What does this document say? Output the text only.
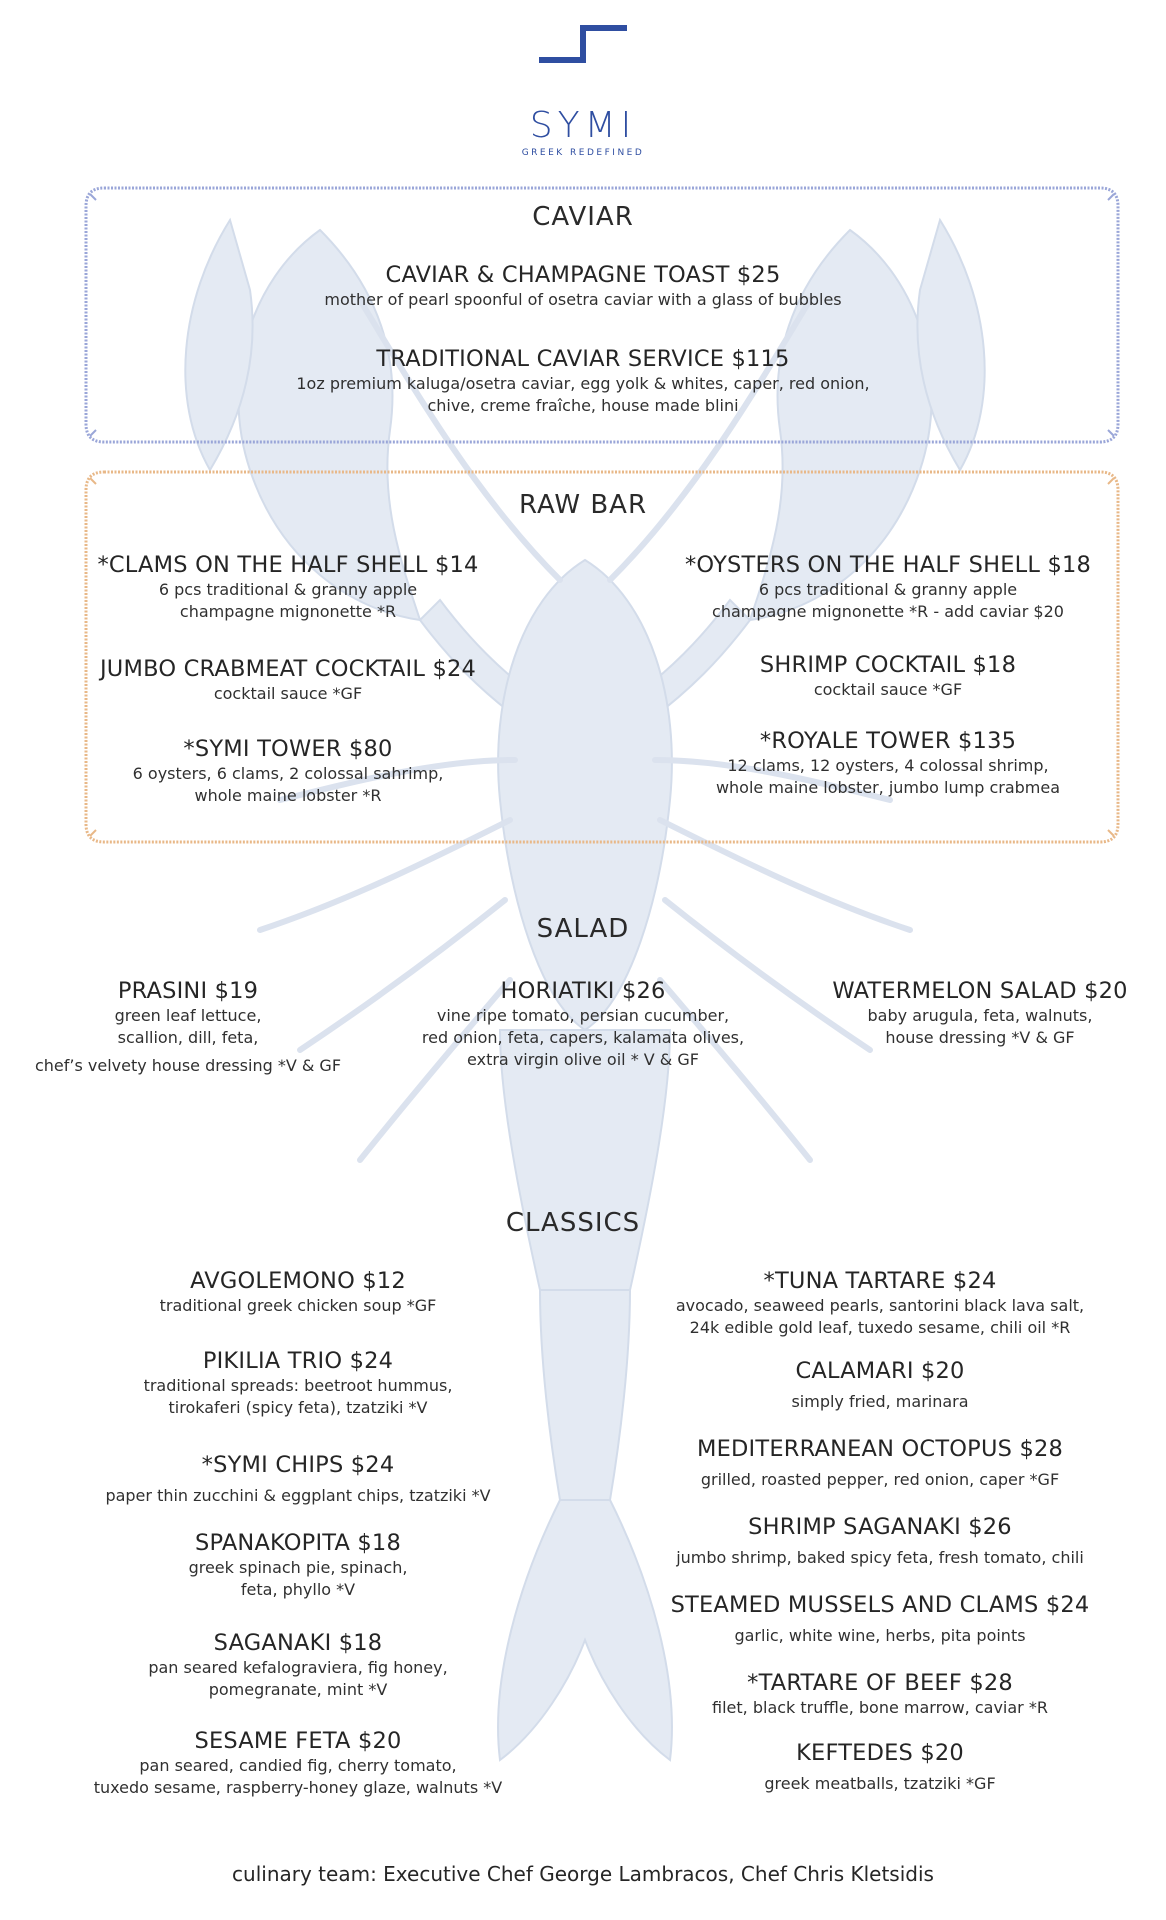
SYMI
GREEK REDEFINED
CAVIAR
CAVIAR & CHAMPAGNE TOAST $25
mother of pearl spoonful of osetra caviar with a glass of bubbles
TRADITIONAL CAVIAR SERVICE $115
1oz premium kaluga/osetra caviar, egg yolk & whites, caper, red onion,
chive, creme fraîche, house made blini
RAW BAR
*CLAMS ON THE HALF SHELL $14
6 pcs traditional & granny apple
champagne mignonette *R
JUMBO CRABMEAT COCKTAIL $24
cocktail sauce *GF
*SYMI TOWER $80
6 oysters, 6 clams, 2 colossal sahrimp,
whole maine lobster *R
*OYSTERS ON THE HALF SHELL $18
6 pcs traditional & granny apple
champagne mignonette *R - add caviar $20
SHRIMP COCKTAIL $18
cocktail sauce *GF
*ROYALE TOWER $135
12 clams, 12 oysters, 4 colossal shrimp,
whole maine lobster, jumbo lump crabmea
SALAD
PRASINI $19
green leaf lettuce,
scallion, dill, feta,
chef’s velvety house dressing *V & GF
HORIATIKI $26
vine ripe tomato, persian cucumber,
red onion, feta, capers, kalamata olives,
extra virgin olive oil * V & GF
WATERMELON SALAD $20
baby arugula, feta, walnuts,
house dressing *V & GF
CLASSICS
AVGOLEMONO $12
traditional greek chicken soup *GF
PIKILIA TRIO $24
traditional spreads: beetroot hummus,
tirokaferi (spicy feta), tzatziki *V
*SYMI CHIPS $24
paper thin zucchini & eggplant chips, tzatziki *V
SPANAKOPITA $18
greek spinach pie, spinach,
feta, phyllo *V
SAGANAKI $18
pan seared kefalograviera, fig honey,
pomegranate, mint *V
SESAME FETA $20
pan seared, candied fig, cherry tomato,
tuxedo sesame, raspberry-honey glaze, walnuts *V
*TUNA TARTARE $24
avocado, seaweed pearls, santorini black lava salt,
24k edible gold leaf, tuxedo sesame, chili oil *R
CALAMARI $20
simply fried, marinara
MEDITERRANEAN OCTOPUS $28
grilled, roasted pepper, red onion, caper *GF
SHRIMP SAGANAKI $26
jumbo shrimp, baked spicy feta, fresh tomato, chili
STEAMED MUSSELS AND CLAMS $24
garlic, white wine, herbs, pita points
*TARTARE OF BEEF $28
filet, black truffle, bone marrow, caviar *R
KEFTEDES $20
greek meatballs, tzatziki *GF
culinary team: Executive Chef George Lambracos, Chef Chris Kletsidis
